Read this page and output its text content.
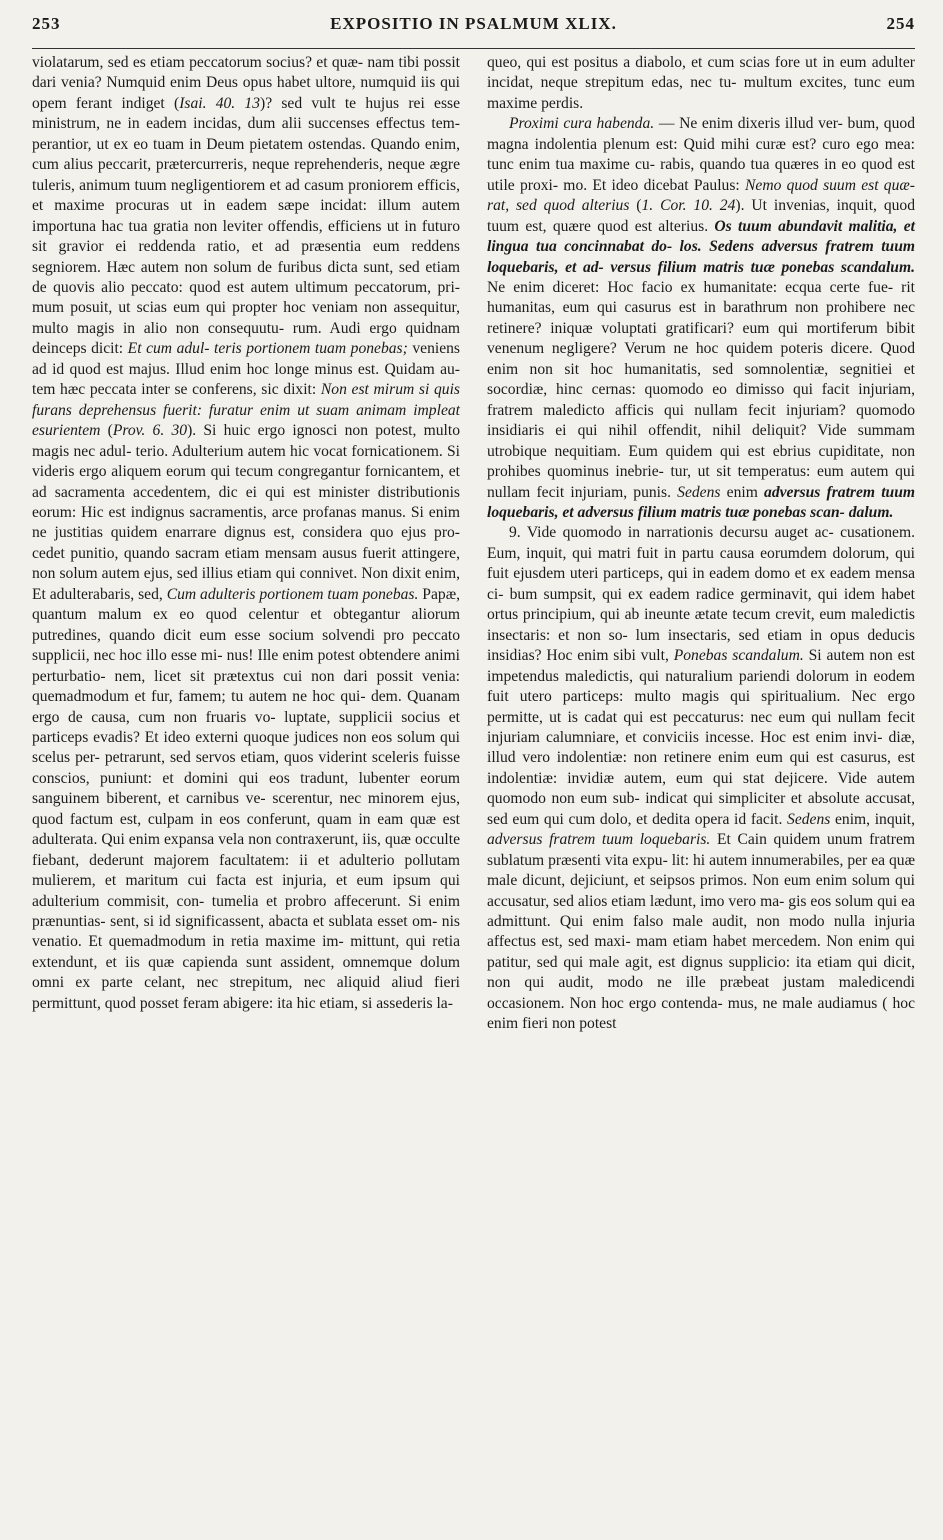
253	EXPOSITIO IN PSALMUM XLIX.	254

violatarum, sed es etiam peccatorum socius? et quæ- nam tibi possit dari venia? Numquid enim Deus opus habet ultore, numquid iis qui opem ferant indiget (Isai. 40. 13)? sed vult te hujus rei esse ministrum, ne in eadem incidas, dum alii succenses effectus tem- perantior, ut ex eo tuam in Deum pietatem ostendas. Quando enim, cum alius peccarit, prætercurreris, neque reprehenderis, neque ægre tuleris, animum tuum negligentiorem et ad casum proniorem efficis, et maxime procuras ut in eadem sæpe incidat: illum autem importuna hac tua gratia non leviter offendis, efficiens ut in futuro sit gravior ei reddenda ratio, et ad præsentia eum reddens segniorem. Hæc autem non solum de furibus dicta sunt, sed etiam de quovis alio peccato: quod est autem ultimum peccatorum, pri- mum posuit, ut scias eum qui propter hoc veniam non assequitur, multo magis in alio non consequutu- rum. Audi ergo quidnam deinceps dicit: Et cum adul- teris portionem tuam ponebas; veniens ad id quod est majus. Illud enim hoc longe minus est. Quidam au- tem hæc peccata inter se conferens, sic dixit: Non est mirum si quis furans deprehensus fuerit: furatur enim ut suam animam impleat esurientem (Prov. 6. 30). Si huic ergo ignosci non potest, multo magis nec adul- terio. Adulterium autem hic vocat fornicationem. Si videris ergo aliquem eorum qui tecum congregantur fornicantem, et ad sacramenta accedentem, dic ei qui est minister distributionis eorum: Hic est indignus sacramentis, arce profanas manus. Si enim ne justitias quidem enarrare dignus est, considera quo ejus pro- cedet punitio, quando sacram etiam mensam ausus fuerit attingere, non solum autem ejus, sed illius etiam qui connivet. Non dixit enim, Et adulterabaris, sed, Cum adulteris portionem tuam ponebas. Papæ, quantum malum ex eo quod celentur et obtegantur aliorum putredines, quando dicit eum esse socium solvendi pro peccato supplicii, nec hoc illo esse mi- nus! Ille enim potest obtendere animi perturbatio- nem, licet sit prætextus cui non dari possit venia: quemadmodum et fur, famem; tu autem ne hoc qui- dem. Quanam ergo de causa, cum non fruaris vo- luptate, supplicii socius et particeps evadis? Et ideo externi quoque judices non eos solum qui scelus per- petrarunt, sed servos etiam, quos viderint sceleris fuisse conscios, puniunt: et domini qui eos tradunt, lubenter eorum sanguinem biberent, et carnibus ve- scerentur, nec minorem ejus, quod factum est, culpam in eos conferunt, quam in eam quæ est adulterata. Qui enim expansa vela non contraxerunt, iis, quæ occulte fiebant, dederunt majorem facultatem: ii et adulterio pollutam mulierem, et maritum cui facta est injuria, et eum ipsum qui adulterium commisit, con- tumelia et probro affecerunt. Si enim prænuntias- sent, si id significassent, abacta et sublata esset om- nis venatio. Et quemadmodum in retia maxime im- mittunt, qui retia extendunt, et iis quæ capienda sunt assident, omnemque dolum omni ex parte celant, nec strepitum, nec aliquid aliud fieri permittunt, quod posset feram abigere: ita hic etiam, si assederis la-

queo, qui est positus a diabolo, et cum scias fore ut in eum adulter incidat, neque strepitum edas, nec tu- multum excites, tunc eum maxime perdis.

Proximi cura habenda. — Ne enim dixeris illud ver- bum, quod magna indolentia plenum est: Quid mihi curæ est? curo ego mea: tunc enim tua maxime cu- rabis, quando tua quæres in eo quod est utile proxi- mo. Et ideo dicebat Paulus: Nemo quod suum est quæ- rat, sed quod alterius (1. Cor. 10. 24). Ut invenias, inquit, quod tuum est, quære quod est alterius. Os tuum abundavit malitia, et lingua tua concinnabat do- los. Sedens adversus fratrem tuum loquebaris, et ad- versus filium matris tuæ ponebas scandalum. Ne enim diceret: Hoc facio ex humanitate: ecqua certe fue- rit humanitas, eum qui casurus est in barathrum non prohibere nec retinere? iniquæ voluptati gratificari? eum qui mortiferum bibit venenum negligere? Verum ne hoc quidem poteris dicere. Quod enim non sit hoc humanitatis, sed somnolentiæ, segnitiei et socordiæ, hinc cernas: quomodo eo dimisso qui facit injuriam, fratrem maledicto afficis qui nullam fecit injuriam? quomodo insidiaris ei qui nihil offendit, nihil deliquit? Vide summam utrobique nequitiam. Eum quidem qui est ebrius cupiditate, non prohibes quominus inebrie- tur, ut sit temperatus: eum autem qui nullam fecit injuriam, punis. Sedens enim adversus fratrem tuum loquebaris, et adversus filium matris tuæ ponebas scan- dalum.

9. Vide quomodo in narrationis decursu auget ac- cusationem. Eum, inquit, qui matri fuit in partu causa eorumdem dolorum, qui fuit ejusdem uteri particeps, qui in eadem domo et ex eadem mensa ci- bum sumpsit, qui ex eadem radice germinavit, qui idem habet ortus principium, qui ab ineunte ætate tecum crevit, eum maledictis insectaris: et non so- lum insectaris, sed etiam in opus deducis insidias? Hoc enim sibi vult, Ponebas scandalum. Si autem non est impetendus maledictis, qui naturalium pariendi dolorum in eodem fuit utero particeps: multo magis qui spiritualium. Nec ergo permitte, ut is cadat qui est peccaturus: nec eum qui nullam fecit injuriam calumniare, et conviciis incesse. Hoc est enim invi- diæ, illud vero indolentiæ: non retinere enim eum qui est casurus, est indolentiæ: invidiæ autem, eum qui stat dejicere. Vide autem quomodo non eum sub- indicat qui simpliciter et absolute accusat, sed eum qui cum dolo, et dedita opera id facit. Sedens enim, inquit, adversus fratrem tuum loquebaris. Et Cain quidem unum fratrem sublatum præsenti vita expu- lit: hi autem innumerabiles, per ea quæ male dicunt, dejiciunt, et seipsos primos. Non eum enim solum qui accusatur, sed alios etiam lædunt, imo vero ma- gis eos solum qui ea admittunt. Qui enim falso male audit, non modo nulla injuria affectus est, sed maxi- mam etiam habet mercedem. Non enim qui patitur, sed qui male agit, est dignus supplicio: ita etiam qui dicit, non qui audit, modo ne ille præbeat justam maledicendi occasionem. Non hoc ergo contenda- mus, ne male audiamus ( hoc enim fieri non potest
